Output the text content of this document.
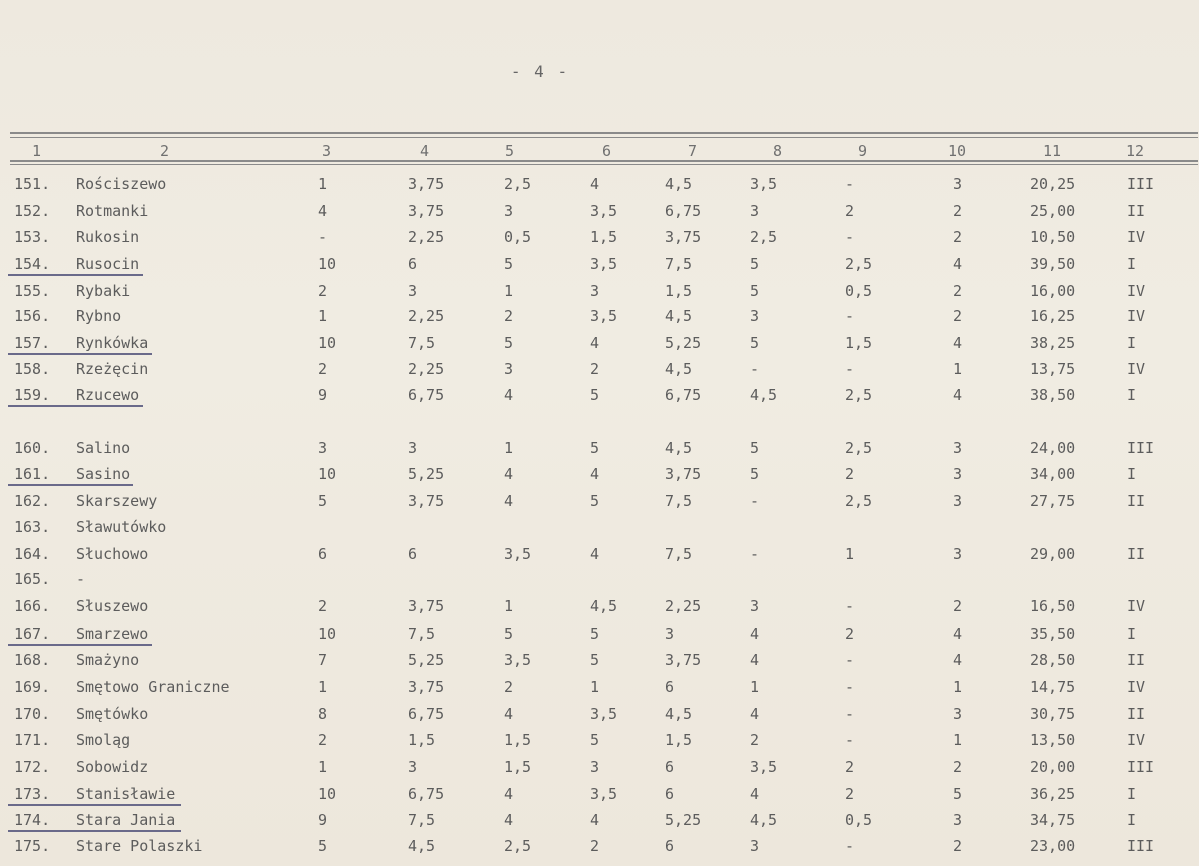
- 4 -
1	2	3	4	5	6	7	8	9	10	11	12
151. Rościszewo	1	3,75	2,5	4	4,5	3,5	-	3	20,25	III
152. Rotmanki	4	3,75	3	3,5	6,75	3	2	2	25,00	II
153. Rukosin	-	2,25	0,5	1,5	3,75	2,5	-	2	10,50	IV
154. Rusocin	10	6	5	3,5	7,5	5	2,5	4	39,50	I
155. Rybaki	2	3	1	3	1,5	5	0,5	2	16,00	IV
156. Rybno	1	2,25	2	3,5	4,5	3	-	2	16,25	IV
157. Rynkówka	10	7,5	5	4	5,25	5	1,5	4	38,25	I
158. Rzeżęcin	2	2,25	3	2	4,5	-	-	1	13,75	IV
159. Rzucewo	9	6,75	4	5	6,75	4,5	2,5	4	38,50	I
160. Salino	3	3	1	5	4,5	5	2,5	3	24,00	III
161. Sasino	10	5,25	4	4	3,75	5	2	3	34,00	I
162. Skarszewy	5	3,75	4	5	7,5	-	2,5	3	27,75	II
163. Sławutówko
164. Słuchowo	6	6	3,5	4	7,5	-	1	3	29,00	II
165. -
166. Słuszewo	2	3,75	1	4,5	2,25	3	-	2	16,50	IV
167. Smarzewo	10	7,5	5	5	3	4	2	4	35,50	I
168. Smażyno	7	5,25	3,5	5	3,75	4	-	4	28,50	II
169. Smętowo Graniczne	1	3,75	2	1	6	1	-	1	14,75	IV
170. Smętówko	8	6,75	4	3,5	4,5	4	-	3	30,75	II
171. Smoląg	2	1,5	1,5	5	1,5	2	-	1	13,50	IV
172. Sobowidz	1	3	1,5	3	6	3,5	2	2	20,00	III
173. Stanisławie	10	6,75	4	3,5	6	4	2	5	36,25	I
174. Stara Jania	9	7,5	4	4	5,25	4,5	0,5	3	34,75	I
175. Stare Polaszki	5	4,5	2,5	2	6	3	-	2	23,00	III
